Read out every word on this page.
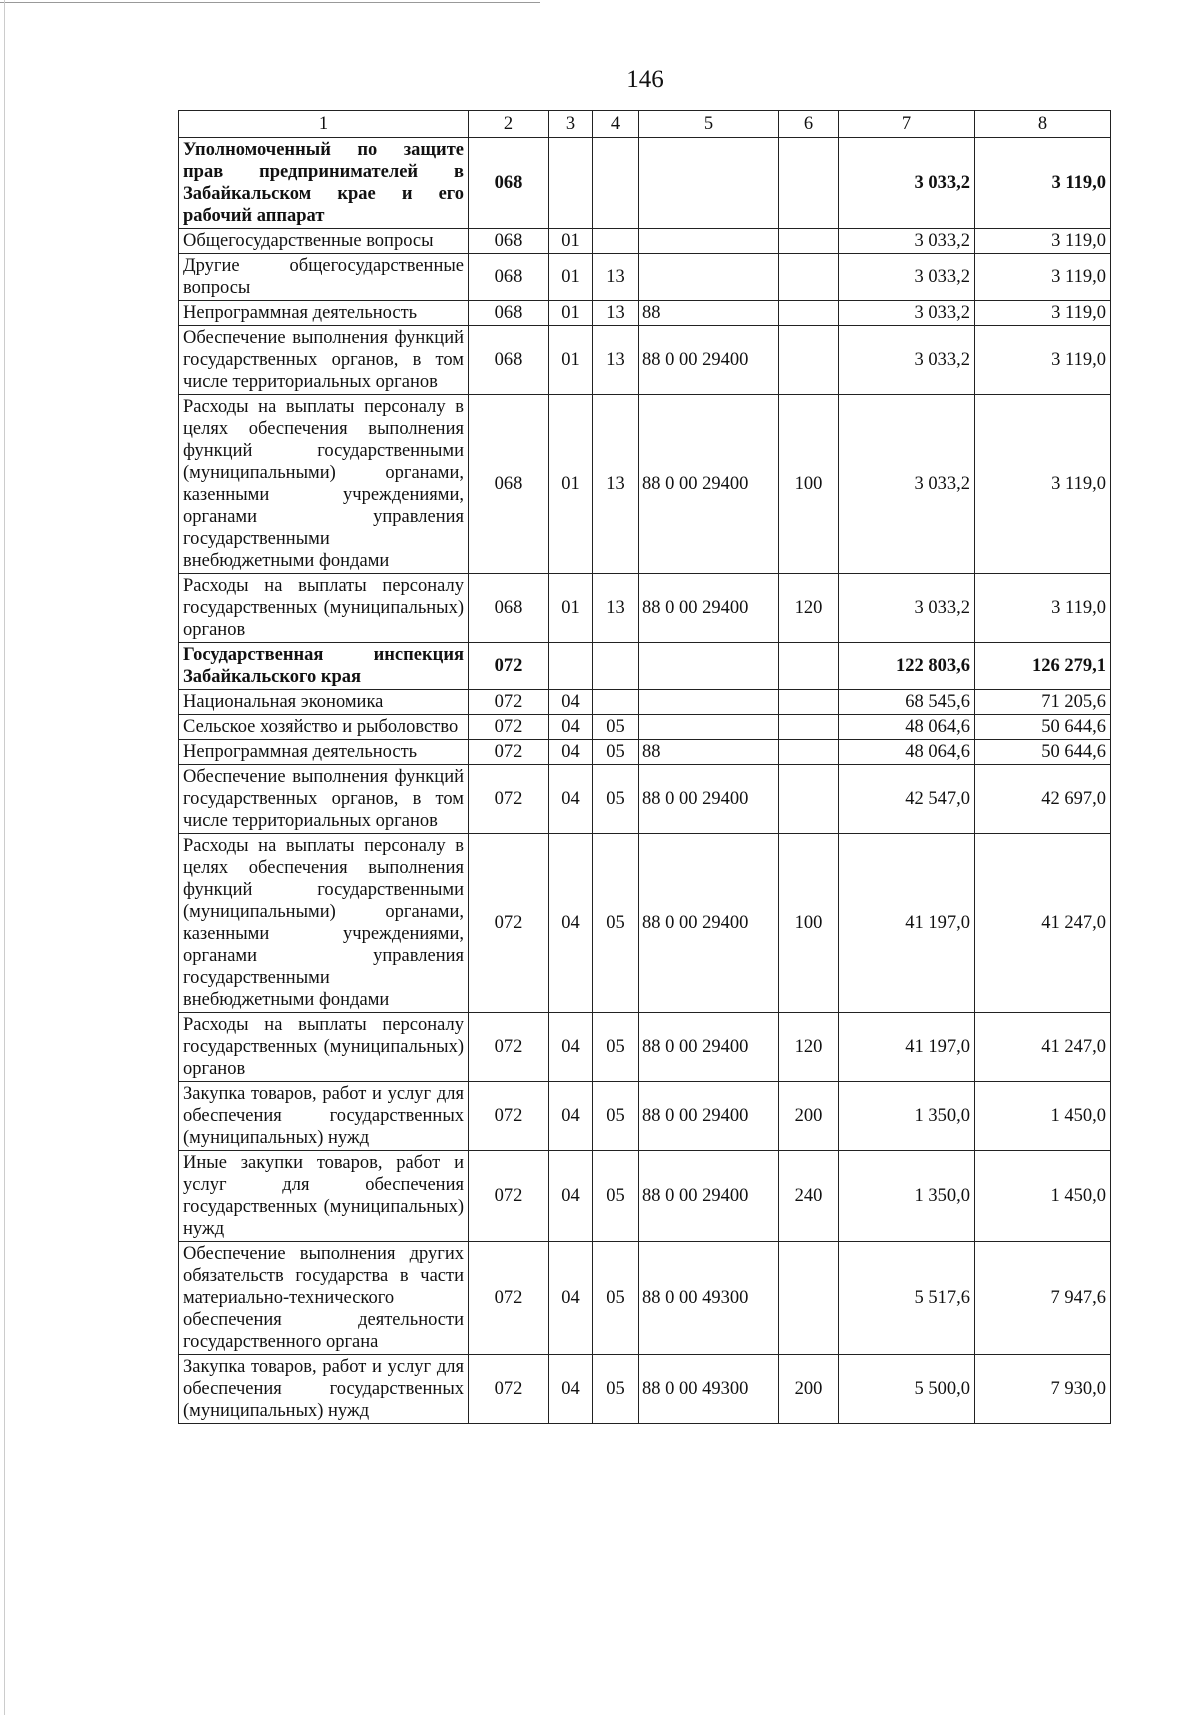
146
1	2	3	4	5	6	7	8
Уполномоченный по защите прав предпринимателей в Забайкальском крае и его рабочий аппарат	068					3 033,2	3 119,0
Общегосударственные вопросы	068	01				3 033,2	3 119,0
Другие общегосударственные вопросы	068	01	13			3 033,2	3 119,0
Непрограммная деятельность	068	01	13	88		3 033,2	3 119,0
Обеспечение выполнения функций государственных органов, в том числе территориальных органов	068	01	13	88 0 00 29400		3 033,2	3 119,0
Расходы на выплаты персоналу в целях обеспечения выполнения функций государственными (муниципальными) органами, казенными учреждениями, органами управления государственными внебюджетными фондами	068	01	13	88 0 00 29400	100	3 033,2	3 119,0
Расходы на выплаты персоналу государственных (муниципальных) органов	068	01	13	88 0 00 29400	120	3 033,2	3 119,0
Государственная инспекция Забайкальского края	072					122 803,6	126 279,1
Национальная экономика	072	04				68 545,6	71 205,6
Сельское хозяйство и рыболовство	072	04	05			48 064,6	50 644,6
Непрограммная деятельность	072	04	05	88		48 064,6	50 644,6
Обеспечение выполнения функций государственных органов, в том числе территориальных органов	072	04	05	88 0 00 29400		42 547,0	42 697,0
Расходы на выплаты персоналу в целях обеспечения выполнения функций государственными (муниципальными) органами, казенными учреждениями, органами управления государственными внебюджетными фондами	072	04	05	88 0 00 29400	100	41 197,0	41 247,0
Расходы на выплаты персоналу государственных (муниципальных) органов	072	04	05	88 0 00 29400	120	41 197,0	41 247,0
Закупка товаров, работ и услуг для обеспечения государственных (муниципальных) нужд	072	04	05	88 0 00 29400	200	1 350,0	1 450,0
Иные закупки товаров, работ и услуг для обеспечения государственных (муниципальных) нужд	072	04	05	88 0 00 29400	240	1 350,0	1 450,0
Обеспечение выполнения других обязательств государства в части материально-технического обеспечения деятельности государственного органа	072	04	05	88 0 00 49300		5 517,6	7 947,6
Закупка товаров, работ и услуг для обеспечения государственных (муниципальных) нужд	072	04	05	88 0 00 49300	200	5 500,0	7 930,0
